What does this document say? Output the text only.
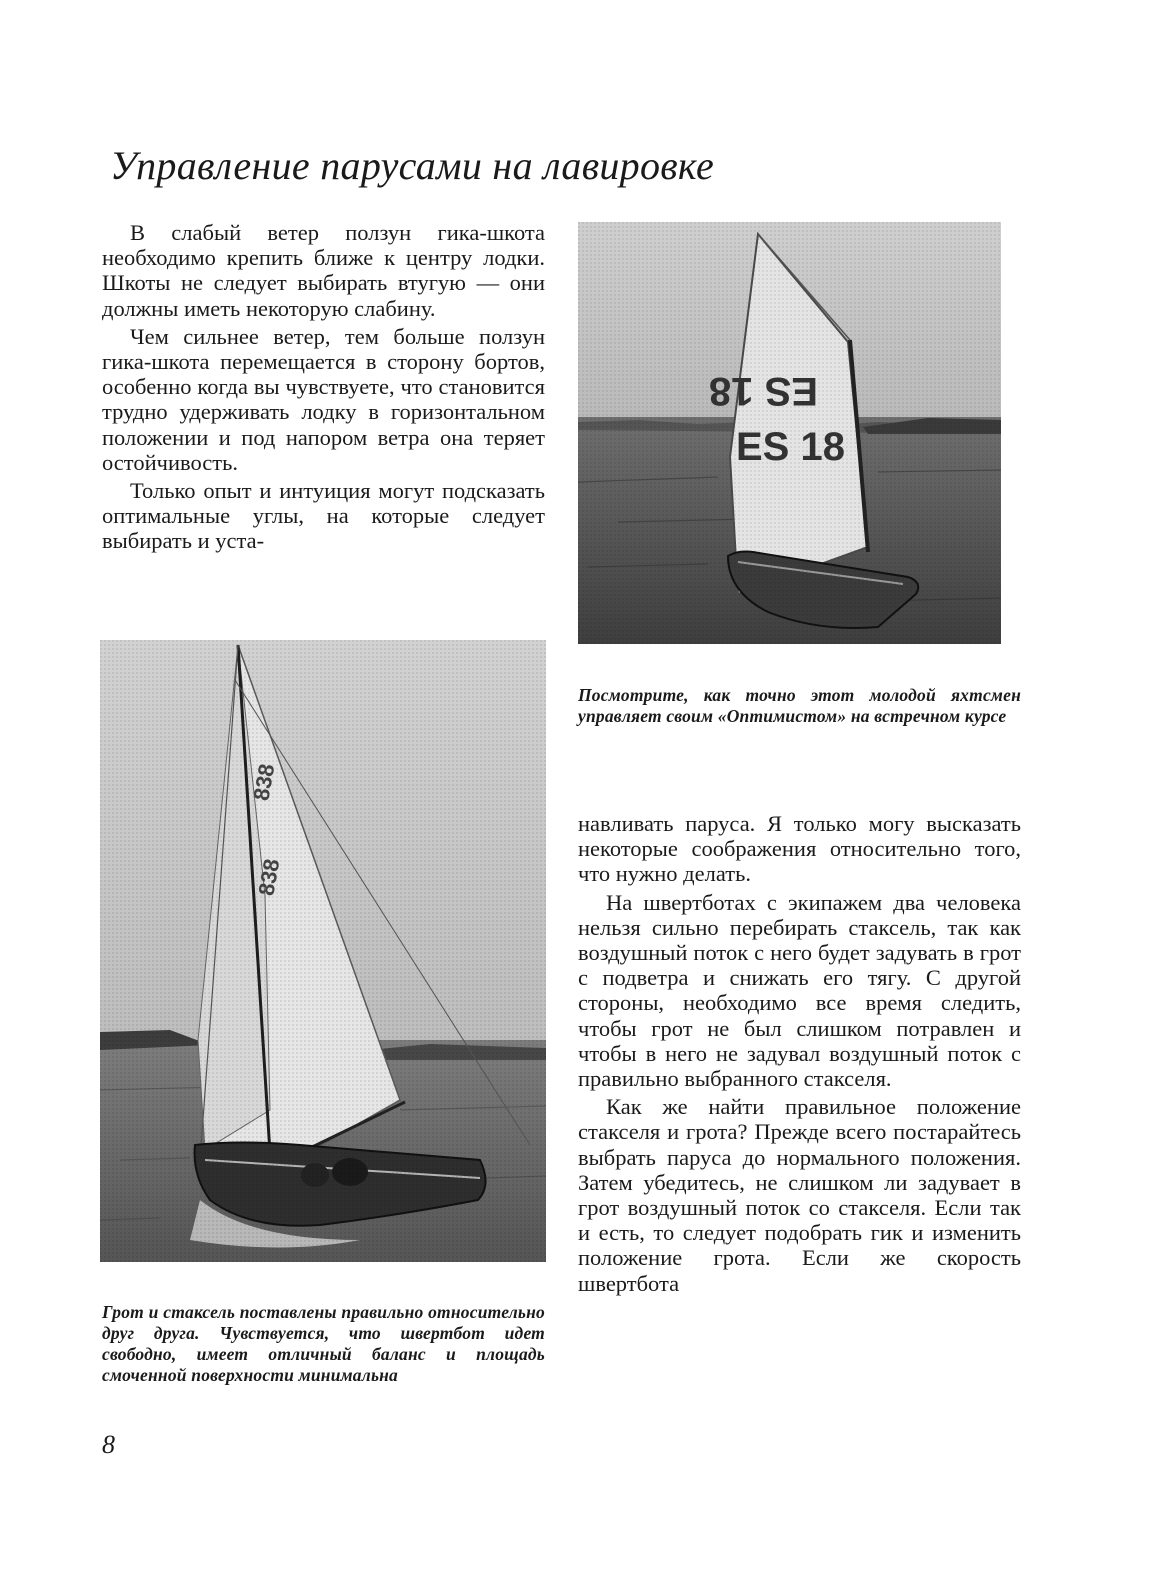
Управление парусами на лавировке

В слабый ветер ползун гика-шкота необходимо крепить ближе к центру лодки. Шкоты не следует выбирать втугую — они должны иметь некоторую слабину.

Чем сильнее ветер, тем больше ползун гика-шкота перемещается в сторону бортов, особенно когда вы чувствуете, что становится трудно удерживать лодку в горизонтальном положении и под напором ветра она теряет остойчивость.

Только опыт и интуиция могут подсказать оптимальные углы, на которые следует выбирать и уста-

Посмотрите, как точно этот молодой яхтсмен управляет своим «Оптимистом» на встречном курсе
Грот и стаксель поставлены правильно относительно друг друга. Чувствуется, что швертбот идет свободно, имеет отличный баланс и площадь смоченной поверхности минимальна

навливать паруса. Я только могу высказать некоторые соображения относительно того, что нужно делать.

На швертботах с экипажем два человека нельзя сильно перебирать стаксель, так как воздушный поток с него будет задувать в грот с подветра и снижать его тягу. С другой стороны, необходимо все время следить, чтобы грот не был слишком потравлен и чтобы в него не задувал воздушный поток с правильно выбранного стакселя.

Как же найти правильное положение стакселя и грота? Прежде всего постарайтесь выбрать паруса до нормального положения. Затем убедитесь, не слишком ли задувает в грот воздушный поток со стакселя. Если так и есть, то следует подобрать гик и изменить положение грота. Если же скорость швертбота

8
